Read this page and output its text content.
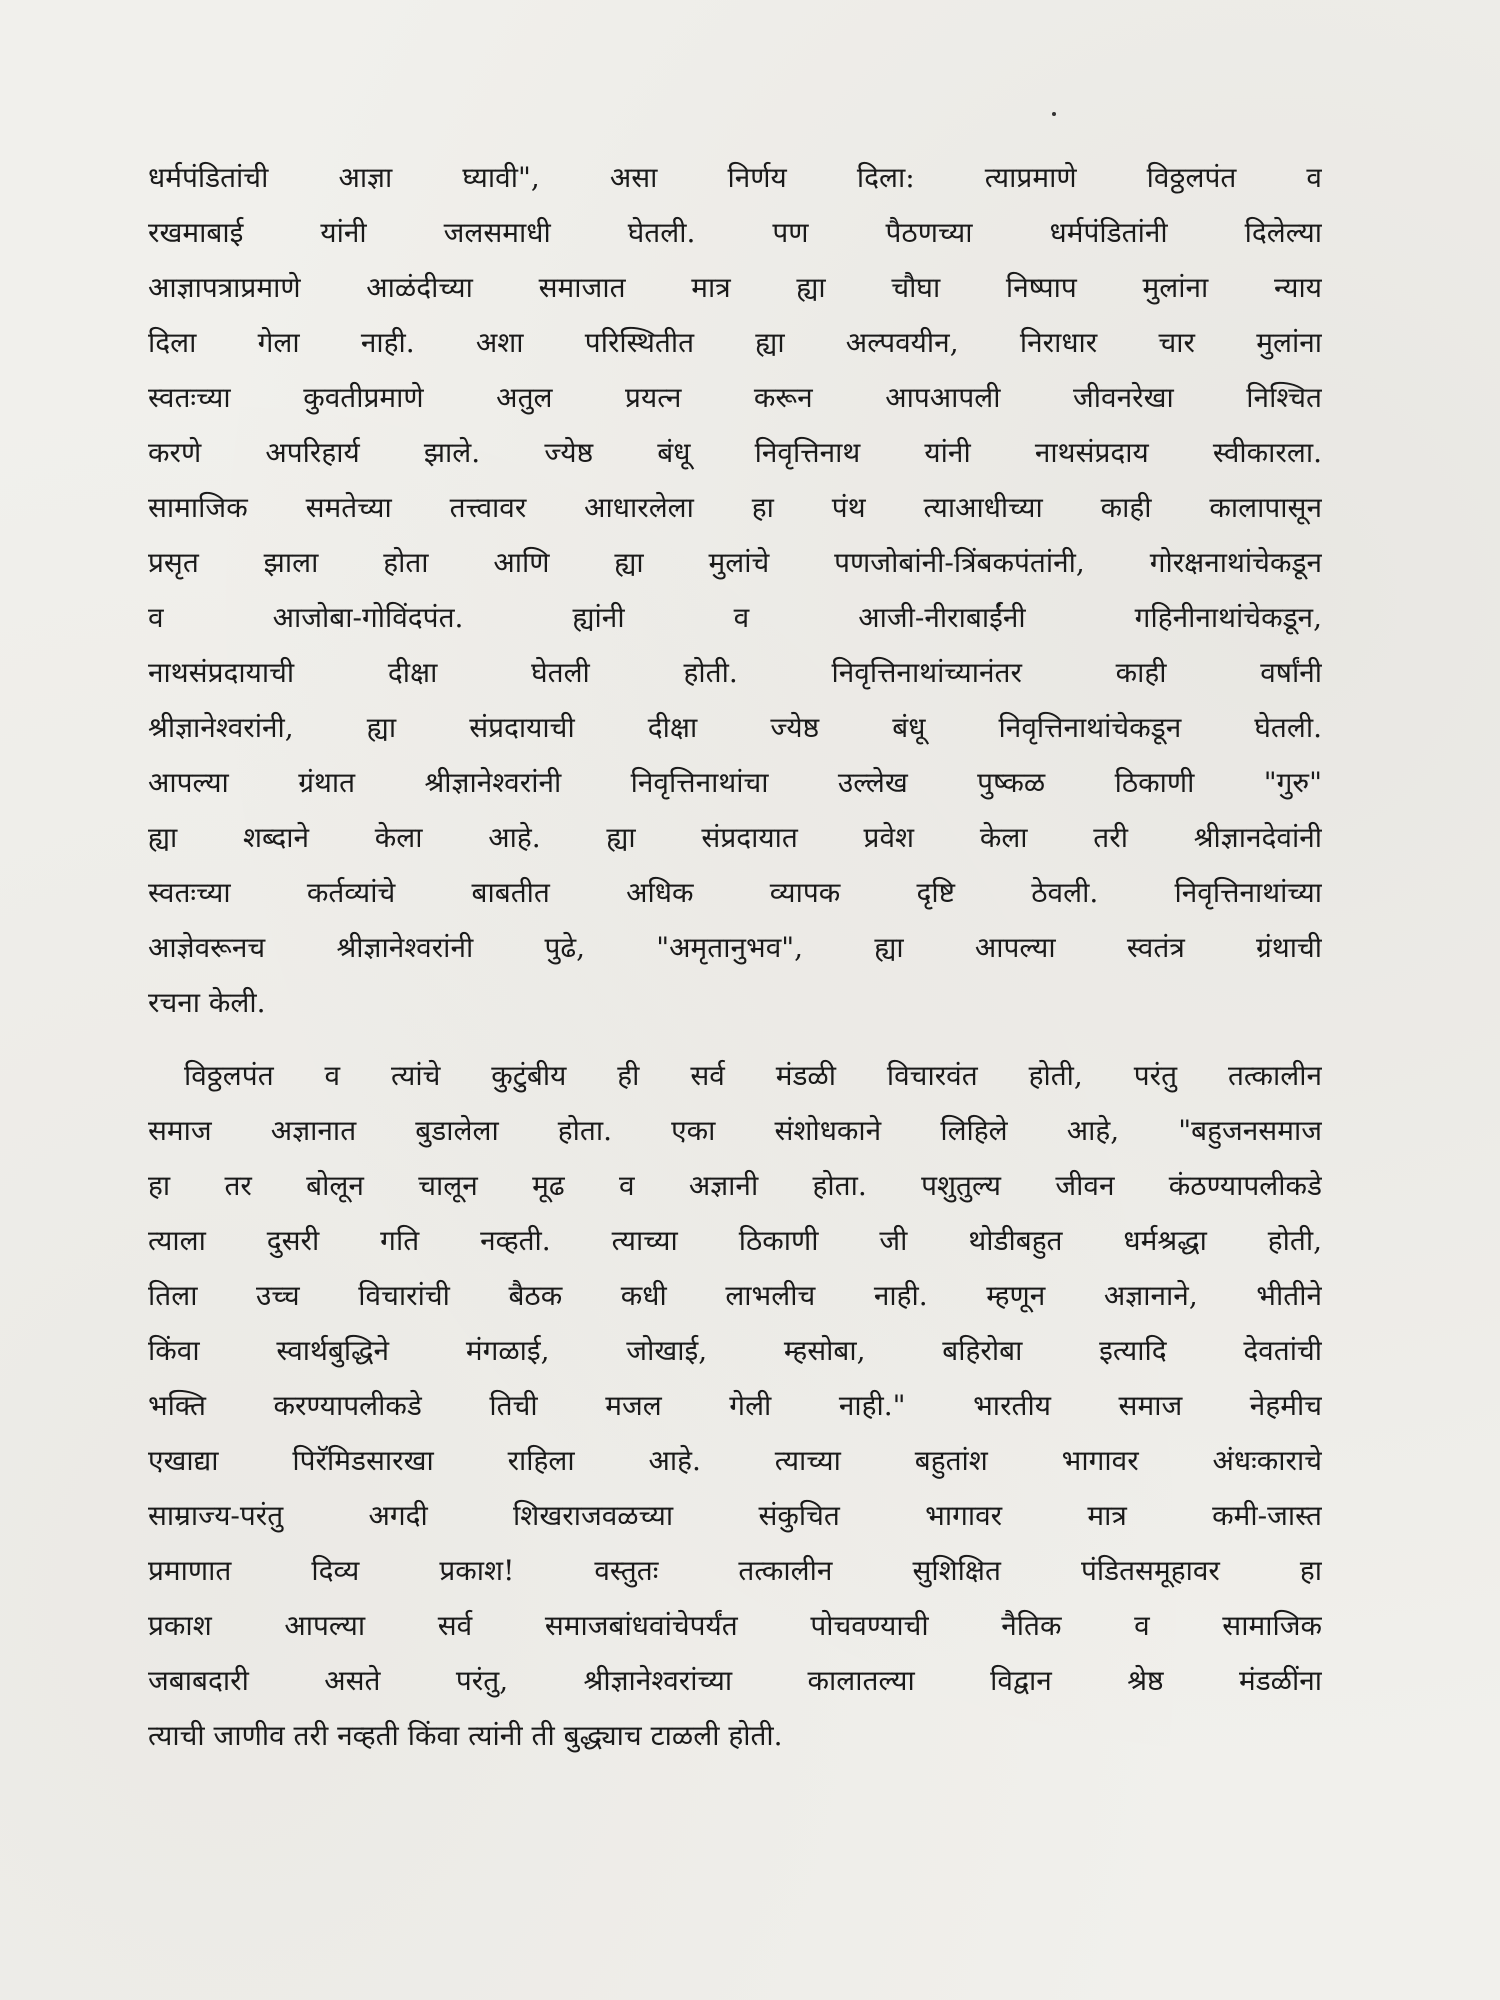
धर्मपंडितांची आज्ञा घ्यावी", असा निर्णय दिला: त्याप्रमाणे विठ्ठलपंत व
रखमाबाई यांनी जलसमाधी घेतली. पण पैठणच्या धर्मपंडितांनी दिलेल्या
आज्ञापत्राप्रमाणे आळंदीच्या समाजात मात्र ह्या चौघा निष्पाप मुलांना न्याय
दिला गेला नाही. अशा परिस्थितीत ह्या अल्पवयीन, निराधार चार मुलांना
स्वतःच्या कुवतीप्रमाणे अतुल प्रयत्न करून आपआपली जीवनरेखा निश्चित
करणे अपरिहार्य झाले. ज्येष्ठ बंधू निवृत्तिनाथ यांनी नाथसंप्रदाय स्वीकारला.
सामाजिक समतेच्या तत्त्वावर आधारलेला हा पंथ त्याआधीच्या काही कालापासून
प्रसृत झाला होता आणि ह्या मुलांचे पणजोबांनी-त्रिंबकपंतांनी, गोरक्षनाथांचेकडून
व आजोबा-गोविंदपंत. ह्यांनी व आजी-नीराबाईंनी गहिनीनाथांचेकडून,
नाथसंप्रदायाची दीक्षा घेतली होती. निवृत्तिनाथांच्यानंतर काही वर्षांनी
श्रीज्ञानेश्वरांनी, ह्या संप्रदायाची दीक्षा ज्येष्ठ बंधू निवृत्तिनाथांचेकडून घेतली.
आपल्या ग्रंथात श्रीज्ञानेश्वरांनी निवृत्तिनाथांचा उल्लेख पुष्कळ ठिकाणी "गुरु"
ह्या शब्दाने केला आहे. ह्या संप्रदायात प्रवेश केला तरी श्रीज्ञानदेवांनी
स्वतःच्या कर्तव्यांचे बाबतीत अधिक व्यापक दृष्टि ठेवली. निवृत्तिनाथांच्या
आज्ञेवरूनच श्रीज्ञानेश्वरांनी पुढे, "अमृतानुभव", ह्या आपल्या स्वतंत्र ग्रंथाची
रचना केली.
विठ्ठलपंत व त्यांचे कुटुंबीय ही सर्व मंडळी विचारवंत होती, परंतु तत्कालीन
समाज अज्ञानात बुडालेला होता. एका संशोधकाने लिहिले आहे, "बहुजनसमाज
हा तर बोलून चालून मूढ व अज्ञानी होता. पशुतुल्य जीवन कंठण्यापलीकडे
त्याला दुसरी गति नव्हती. त्याच्या ठिकाणी जी थोडीबहुत धर्मश्रद्धा होती,
तिला उच्च विचारांची बैठक कधी लाभलीच नाही. म्हणून अज्ञानाने, भीतीने
किंवा स्वार्थबुद्धिने मंगळाई, जोखाई, म्हसोबा, बहिरोबा इत्यादि देवतांची
भक्ति करण्यापलीकडे तिची मजल गेली नाही." भारतीय समाज नेहमीच
एखाद्या पिरॅमिडसारखा राहिला आहे. त्याच्या बहुतांश भागावर अंधःकाराचे
साम्राज्य-परंतु अगदी शिखराजवळच्या संकुचित भागावर मात्र कमी-जास्त
प्रमाणात दिव्य प्रकाश! वस्तुतः तत्कालीन सुशिक्षित पंडितसमूहावर हा
प्रकाश आपल्या सर्व समाजबांधवांचेपर्यंत पोचवण्याची नैतिक व सामाजिक
जबाबदारी असते परंतु, श्रीज्ञानेश्वरांच्या कालातल्या विद्वान श्रेष्ठ मंडळींना
त्याची जाणीव तरी नव्हती किंवा त्यांनी ती बुद्ध्याच टाळली होती.
